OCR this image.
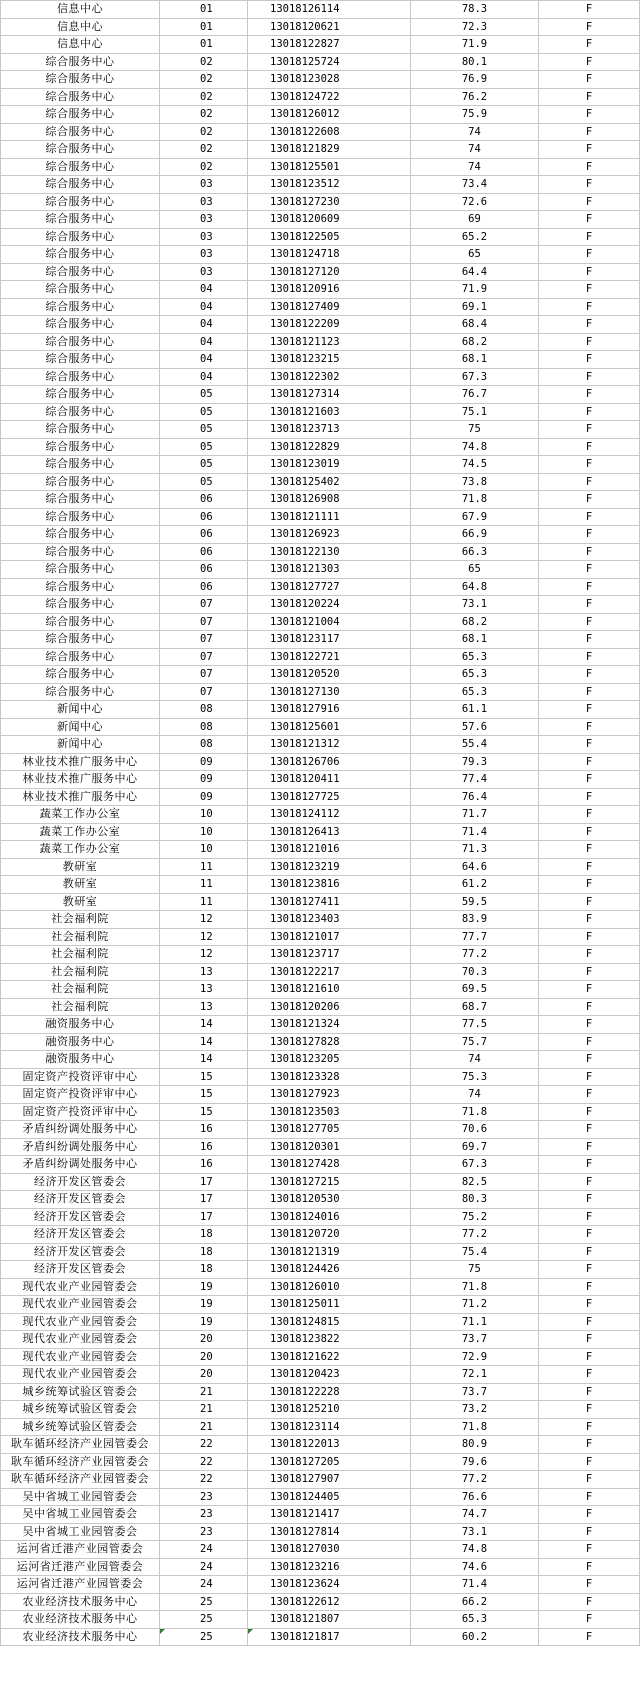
信息中心	01	13018126114	78.3	F
信息中心	01	13018120621	72.3	F
信息中心	01	13018122827	71.9	F
综合服务中心	02	13018125724	80.1	F
综合服务中心	02	13018123028	76.9	F
综合服务中心	02	13018124722	76.2	F
综合服务中心	02	13018126012	75.9	F
综合服务中心	02	13018122608	74	F
综合服务中心	02	13018121829	74	F
综合服务中心	02	13018125501	74	F
综合服务中心	03	13018123512	73.4	F
综合服务中心	03	13018127230	72.6	F
综合服务中心	03	13018120609	69	F
综合服务中心	03	13018122505	65.2	F
综合服务中心	03	13018124718	65	F
综合服务中心	03	13018127120	64.4	F
综合服务中心	04	13018120916	71.9	F
综合服务中心	04	13018127409	69.1	F
综合服务中心	04	13018122209	68.4	F
综合服务中心	04	13018121123	68.2	F
综合服务中心	04	13018123215	68.1	F
综合服务中心	04	13018122302	67.3	F
综合服务中心	05	13018127314	76.7	F
综合服务中心	05	13018121603	75.1	F
综合服务中心	05	13018123713	75	F
综合服务中心	05	13018122829	74.8	F
综合服务中心	05	13018123019	74.5	F
综合服务中心	05	13018125402	73.8	F
综合服务中心	06	13018126908	71.8	F
综合服务中心	06	13018121111	67.9	F
综合服务中心	06	13018126923	66.9	F
综合服务中心	06	13018122130	66.3	F
综合服务中心	06	13018121303	65	F
综合服务中心	06	13018127727	64.8	F
综合服务中心	07	13018120224	73.1	F
综合服务中心	07	13018121004	68.2	F
综合服务中心	07	13018123117	68.1	F
综合服务中心	07	13018122721	65.3	F
综合服务中心	07	13018120520	65.3	F
综合服务中心	07	13018127130	65.3	F
新闻中心	08	13018127916	61.1	F
新闻中心	08	13018125601	57.6	F
新闻中心	08	13018121312	55.4	F
林业技术推广服务中心	09	13018126706	79.3	F
林业技术推广服务中心	09	13018120411	77.4	F
林业技术推广服务中心	09	13018127725	76.4	F
蔬菜工作办公室	10	13018124112	71.7	F
蔬菜工作办公室	10	13018126413	71.4	F
蔬菜工作办公室	10	13018121016	71.3	F
教研室	11	13018123219	64.6	F
教研室	11	13018123816	61.2	F
教研室	11	13018127411	59.5	F
社会福利院	12	13018123403	83.9	F
社会福利院	12	13018121017	77.7	F
社会福利院	12	13018123717	77.2	F
社会福利院	13	13018122217	70.3	F
社会福利院	13	13018121610	69.5	F
社会福利院	13	13018120206	68.7	F
融资服务中心	14	13018121324	77.5	F
融资服务中心	14	13018127828	75.7	F
融资服务中心	14	13018123205	74	F
固定资产投资评审中心	15	13018123328	75.3	F
固定资产投资评审中心	15	13018127923	74	F
固定资产投资评审中心	15	13018123503	71.8	F
矛盾纠纷调处服务中心	16	13018127705	70.6	F
矛盾纠纷调处服务中心	16	13018120301	69.7	F
矛盾纠纷调处服务中心	16	13018127428	67.3	F
经济开发区管委会	17	13018127215	82.5	F
经济开发区管委会	17	13018120530	80.3	F
经济开发区管委会	17	13018124016	75.2	F
经济开发区管委会	18	13018120720	77.2	F
经济开发区管委会	18	13018121319	75.4	F
经济开发区管委会	18	13018124426	75	F
现代农业产业园管委会	19	13018126010	71.8	F
现代农业产业园管委会	19	13018125011	71.2	F
现代农业产业园管委会	19	13018124815	71.1	F
现代农业产业园管委会	20	13018123822	73.7	F
现代农业产业园管委会	20	13018121622	72.9	F
现代农业产业园管委会	20	13018120423	72.1	F
城乡统筹试验区管委会	21	13018122228	73.7	F
城乡统筹试验区管委会	21	13018125210	73.2	F
城乡统筹试验区管委会	21	13018123114	71.8	F
耿车循环经济产业园管委会	22	13018122013	80.9	F
耿车循环经济产业园管委会	22	13018127205	79.6	F
耿车循环经济产业园管委会	22	13018127907	77.2	F
吴中省城工业园管委会	23	13018124405	76.6	F
吴中省城工业园管委会	23	13018121417	74.7	F
吴中省城工业园管委会	23	13018127814	73.1	F
运河省迁港产业园管委会	24	13018127030	74.8	F
运河省迁港产业园管委会	24	13018123216	74.6	F
运河省迁港产业园管委会	24	13018123624	71.4	F
农业经济技术服务中心	25	13018122612	66.2	F
农业经济技术服务中心	25	13018121807	65.3	F
农业经济技术服务中心	25	13018121817	60.2	F
